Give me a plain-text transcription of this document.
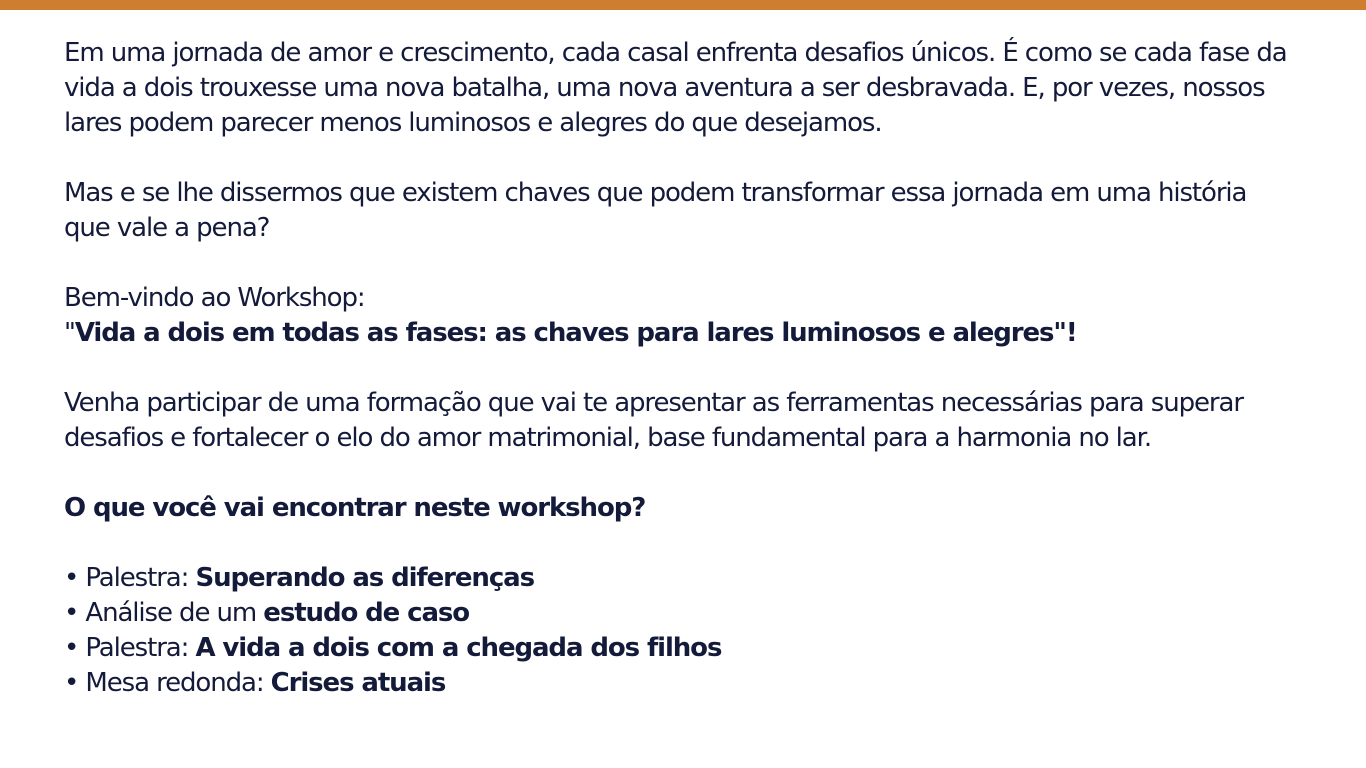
Em uma jornada de amor e crescimento, cada casal enfrenta desafios únicos. É como se cada fase da vida a dois trouxesse uma nova batalha, uma nova aventura a ser desbravada. E, por vezes, nossos lares podem parecer menos luminosos e alegres do que desejamos.

Mas e se lhe dissermos que existem chaves que podem transformar essa jornada em uma história que vale a pena?

Bem-vindo ao Workshop:
"Vida a dois em todas as fases: as chaves para lares luminosos e alegres"!

Venha participar de uma formação que vai te apresentar as ferramentas necessárias para superar desafios e fortalecer o elo do amor matrimonial, base fundamental para a harmonia no lar.

O que você vai encontrar neste workshop?

• Palestra: Superando as diferenças
• Análise de um estudo de caso
• Palestra: A vida a dois com a chegada dos filhos
• Mesa redonda: Crises atuais
